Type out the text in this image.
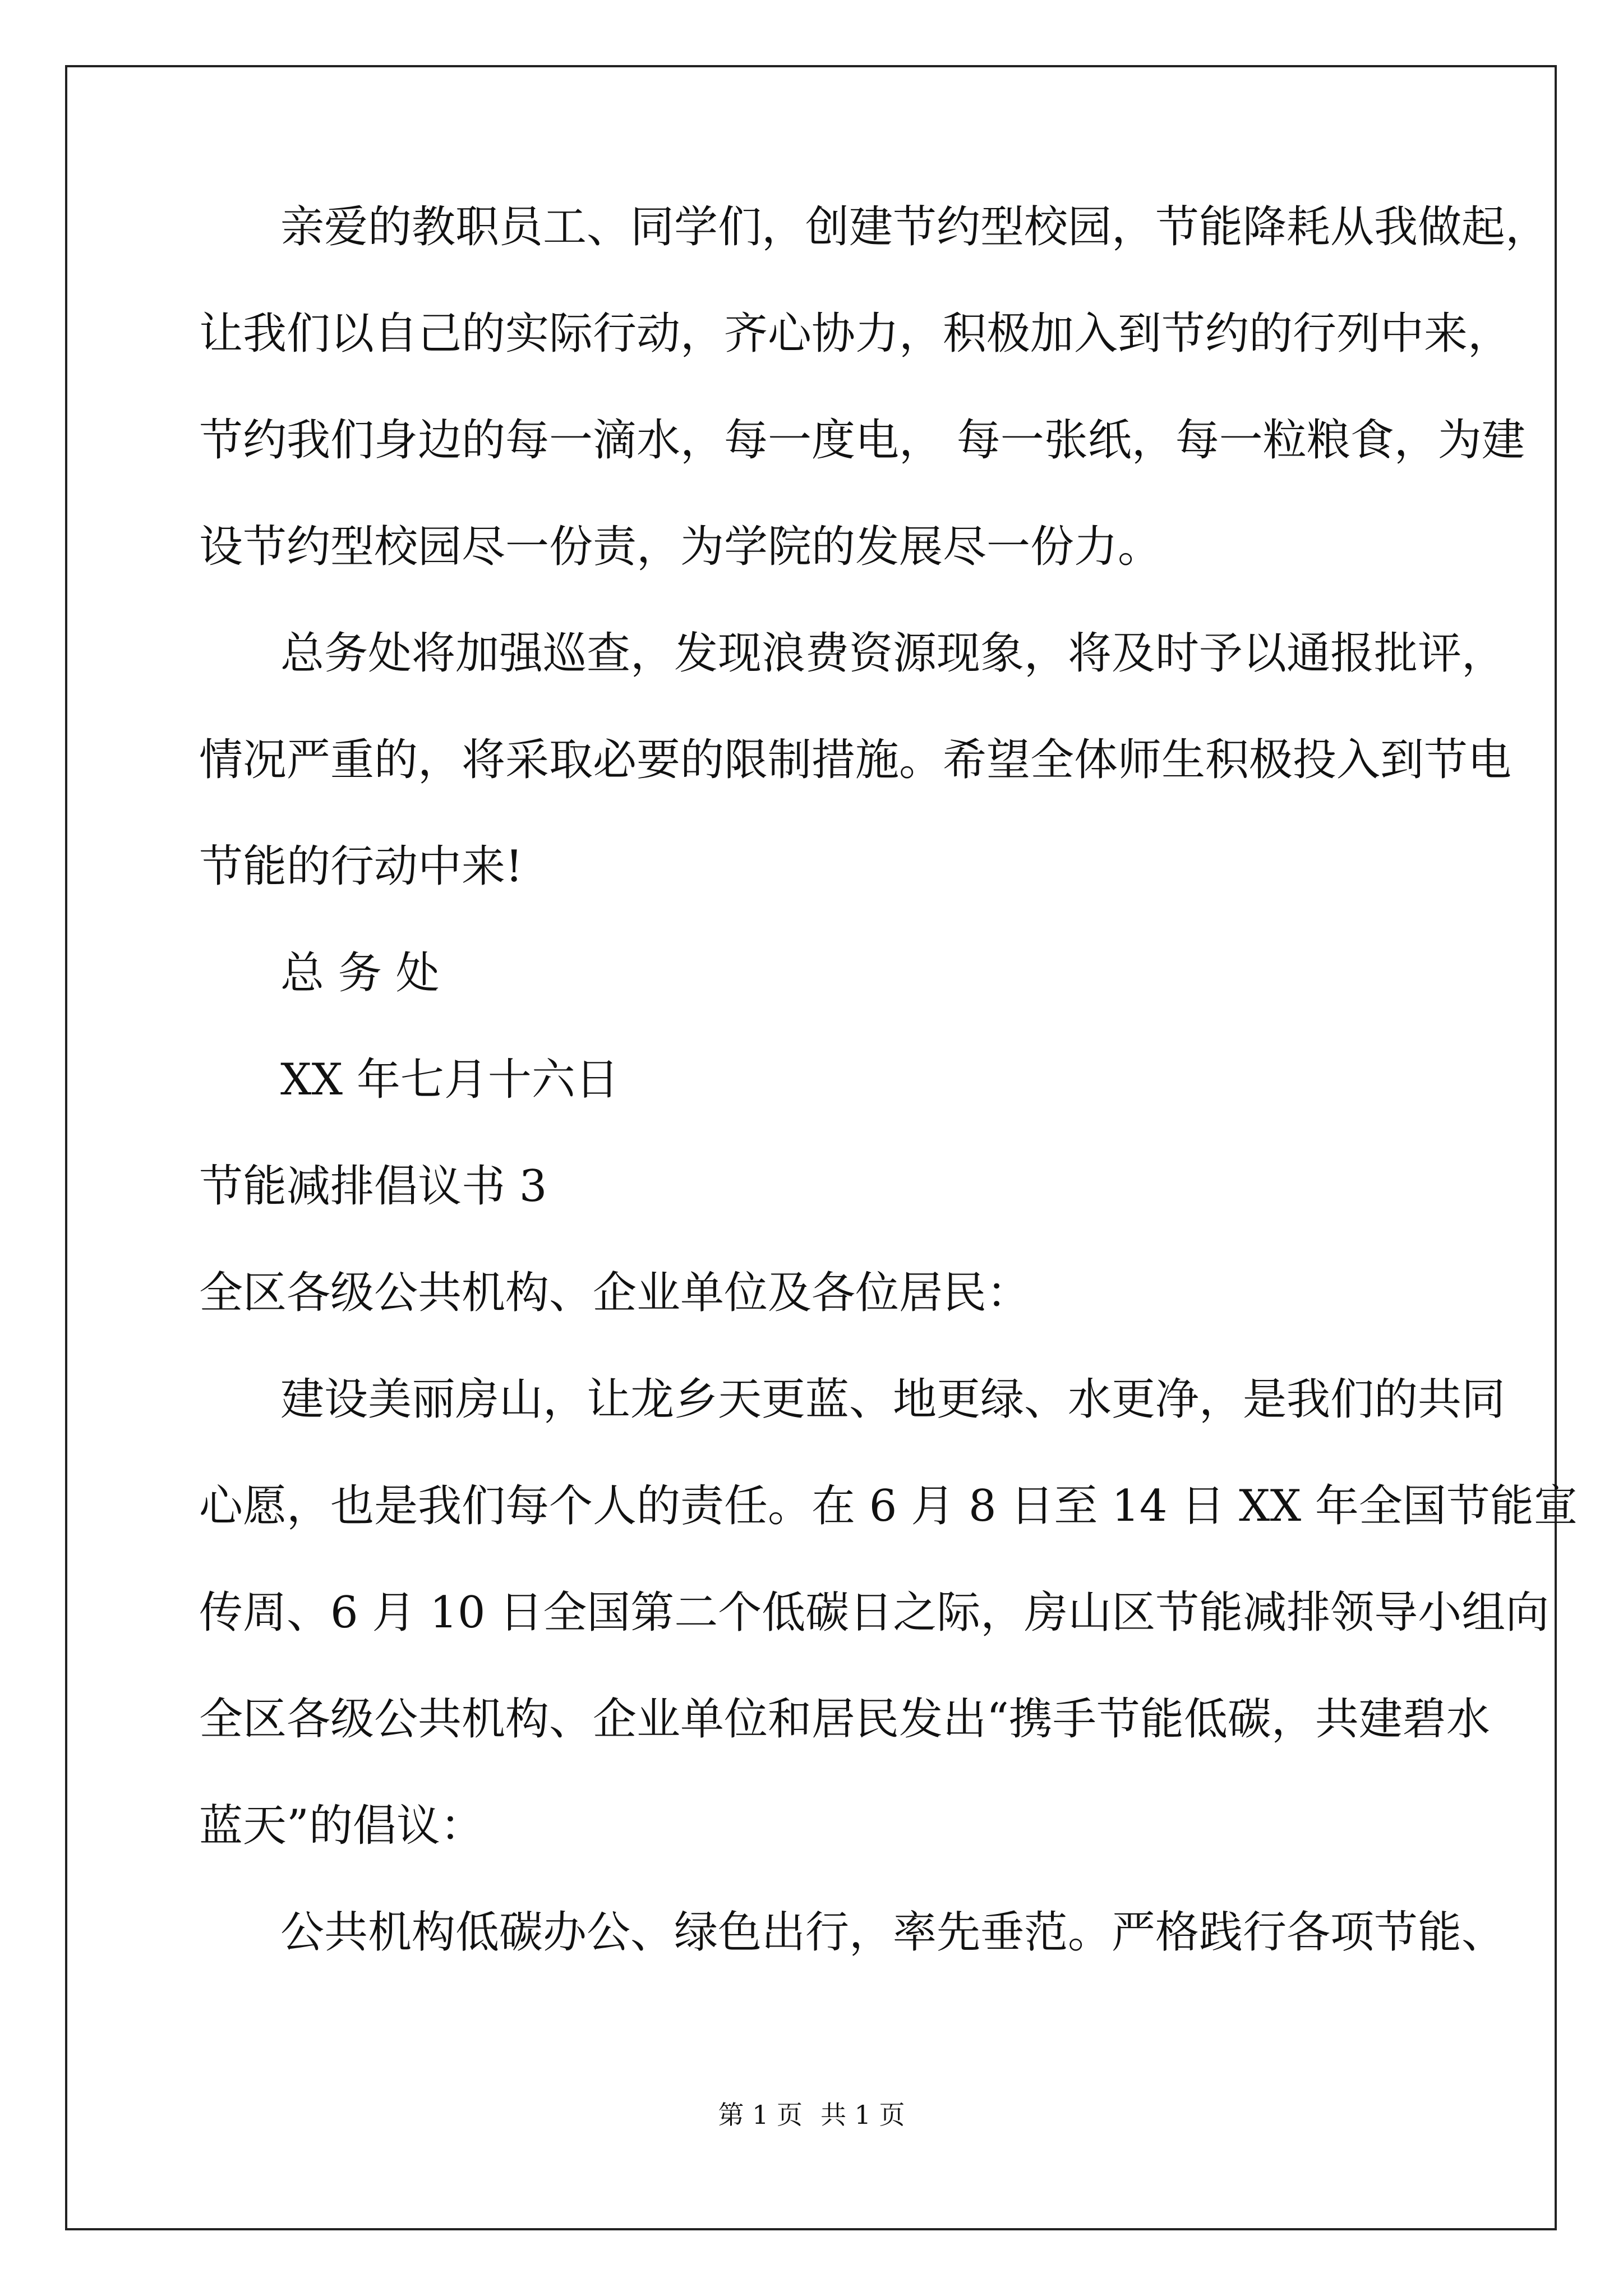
亲爱的教职员工、同学们，创建节约型校园，节能降耗从我做起，

让我们以自己的实际行动，齐心协力，积极加入到节约的行列中来，

节约我们身边的每一滴水，每一度电， 每一张纸，每一粒粮食，为建

设节约型校园尽一份责，为学院的发展尽一份力。

总务处将加强巡查，发现浪费资源现象，将及时予以通报批评，

情况严重的，将采取必要的限制措施。希望全体师生积极投入到节电

节能的行动中来!

总 务 处

XX 年七月十六日

节能减排倡议书 3

全区各级公共机构、企业单位及各位居民：

建设美丽房山，让龙乡天更蓝、地更绿、水更净，是我们的共同

心愿，也是我们每个人的责任。在 6 月 8 日至 14 日 XX 年全国节能宣

传周、6 月 10 日全国第二个低碳日之际，房山区节能减排领导小组向

全区各级公共机构、企业单位和居民发出“携手节能低碳，共建碧水

蓝天”的倡议：

公共机构低碳办公、绿色出行，率先垂范。严格践行各项节能、

第 1 页 共 1 页
